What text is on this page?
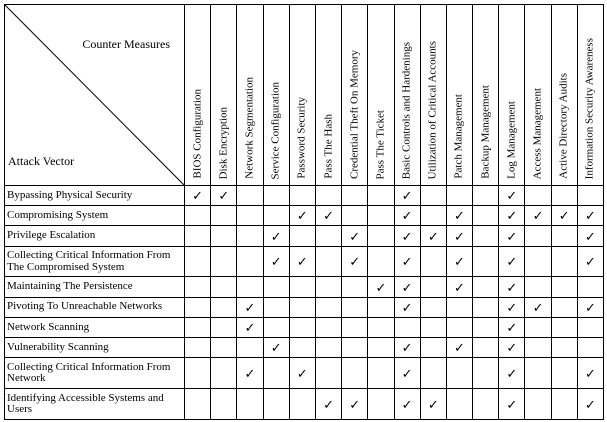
Counter Measures
Attack Vector	BIOS Configuration	Disk Encryption	Network Segmentation	Service Configuration	Password Security	Pass The Hash	Credential Theft On Memory	Pass The Ticket	Basic Controls and Hardenings	Utilization of Critical Accounts	Patch Management	Backup Management	Log Management	Access Management	Active Directory Audits	Information Security Awareness

Bypassing Physical Security	✓	✓							✓				✓			
Compromising System					✓	✓			✓		✓		✓	✓	✓	✓
Privilege Escalation				✓			✓		✓	✓	✓		✓			✓
Collecting Critical Information From The Compromised System				✓	✓		✓		✓		✓		✓			✓
Maintaining The Persistence								✓	✓		✓		✓			
Pivoting To Unreachable Networks			✓						✓				✓	✓		✓
Network Scanning			✓										✓			
Vulnerability Scanning				✓					✓		✓		✓			
Collecting Critical Information From Network			✓		✓				✓				✓			✓
Identifying Accessible Systems and Users						✓	✓		✓	✓			✓			✓
